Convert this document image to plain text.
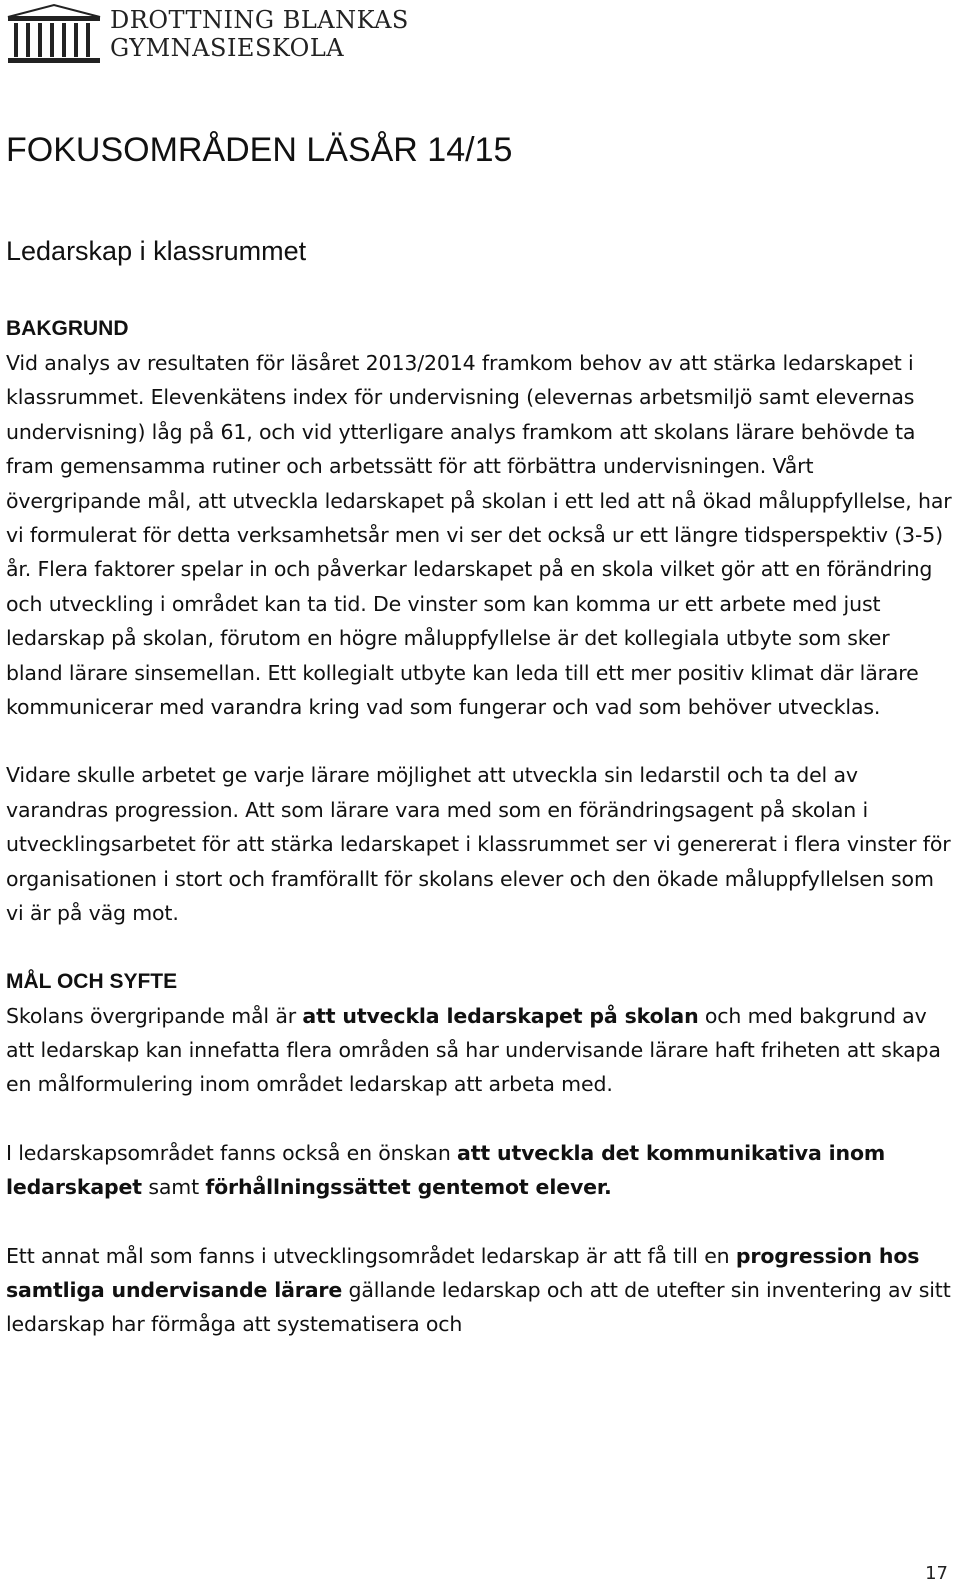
DROTTNING BLANKAS
GYMNASIESKOLA
FOKUSOMRÅDEN LÄSÅR 14/15
Ledarskap i klassrummet
BAKGRUND

Vid analys av resultaten för läsåret 2013/2014 framkom behov av att stärka ledarskapet i klassrummet. Elevenkätens index för undervisning (elevernas arbetsmiljö samt elevernas undervisning) låg på 61, och vid ytterligare analys framkom att skolans lärare behövde ta fram gemensamma rutiner och arbetssätt för att förbättra undervisningen. Vårt övergripande mål, att utveckla ledarskapet på skolan i ett led att nå ökad måluppfyllelse, har vi formulerat för detta verksamhetsår men vi ser det också ur ett längre tidsperspektiv (3-5) år. Flera faktorer spelar in och påverkar ledarskapet på en skola vilket gör att en förändring och utveckling i området kan ta tid. De vinster som kan komma ur ett arbete med just ledarskap på skolan, förutom en högre måluppfyllelse är det kollegiala utbyte som sker bland lärare sinsemellan. Ett kollegialt utbyte kan leda till ett mer positiv klimat där lärare kommunicerar med varandra kring vad som fungerar och vad som behöver utvecklas.

Vidare skulle arbetet ge varje lärare möjlighet att utveckla sin ledarstil och ta del av varandras progression. Att som lärare vara med som en förändringsagent på skolan i utvecklingsarbetet för att stärka ledarskapet i klassrummet ser vi genererat i flera vinster för organisationen i stort och framförallt för skolans elever och den ökade måluppfyllelsen som vi är på väg mot.

MÅL OCH SYFTE

Skolans övergripande mål är att utveckla ledarskapet på skolan och med bakgrund av att ledarskap kan innefatta flera områden så har undervisande lärare haft friheten att skapa en målformulering inom området ledarskap att arbeta med.

I ledarskapsområdet fanns också en önskan att utveckla det kommunikativa inom ledarskapet samt förhållningssättet gentemot elever.

Ett annat mål som fanns i utvecklingsområdet ledarskap är att få till en progression hos samtliga undervisande lärare gällande ledarskap och att de utefter sin inventering av sitt ledarskap har förmåga att systematisera och

17
